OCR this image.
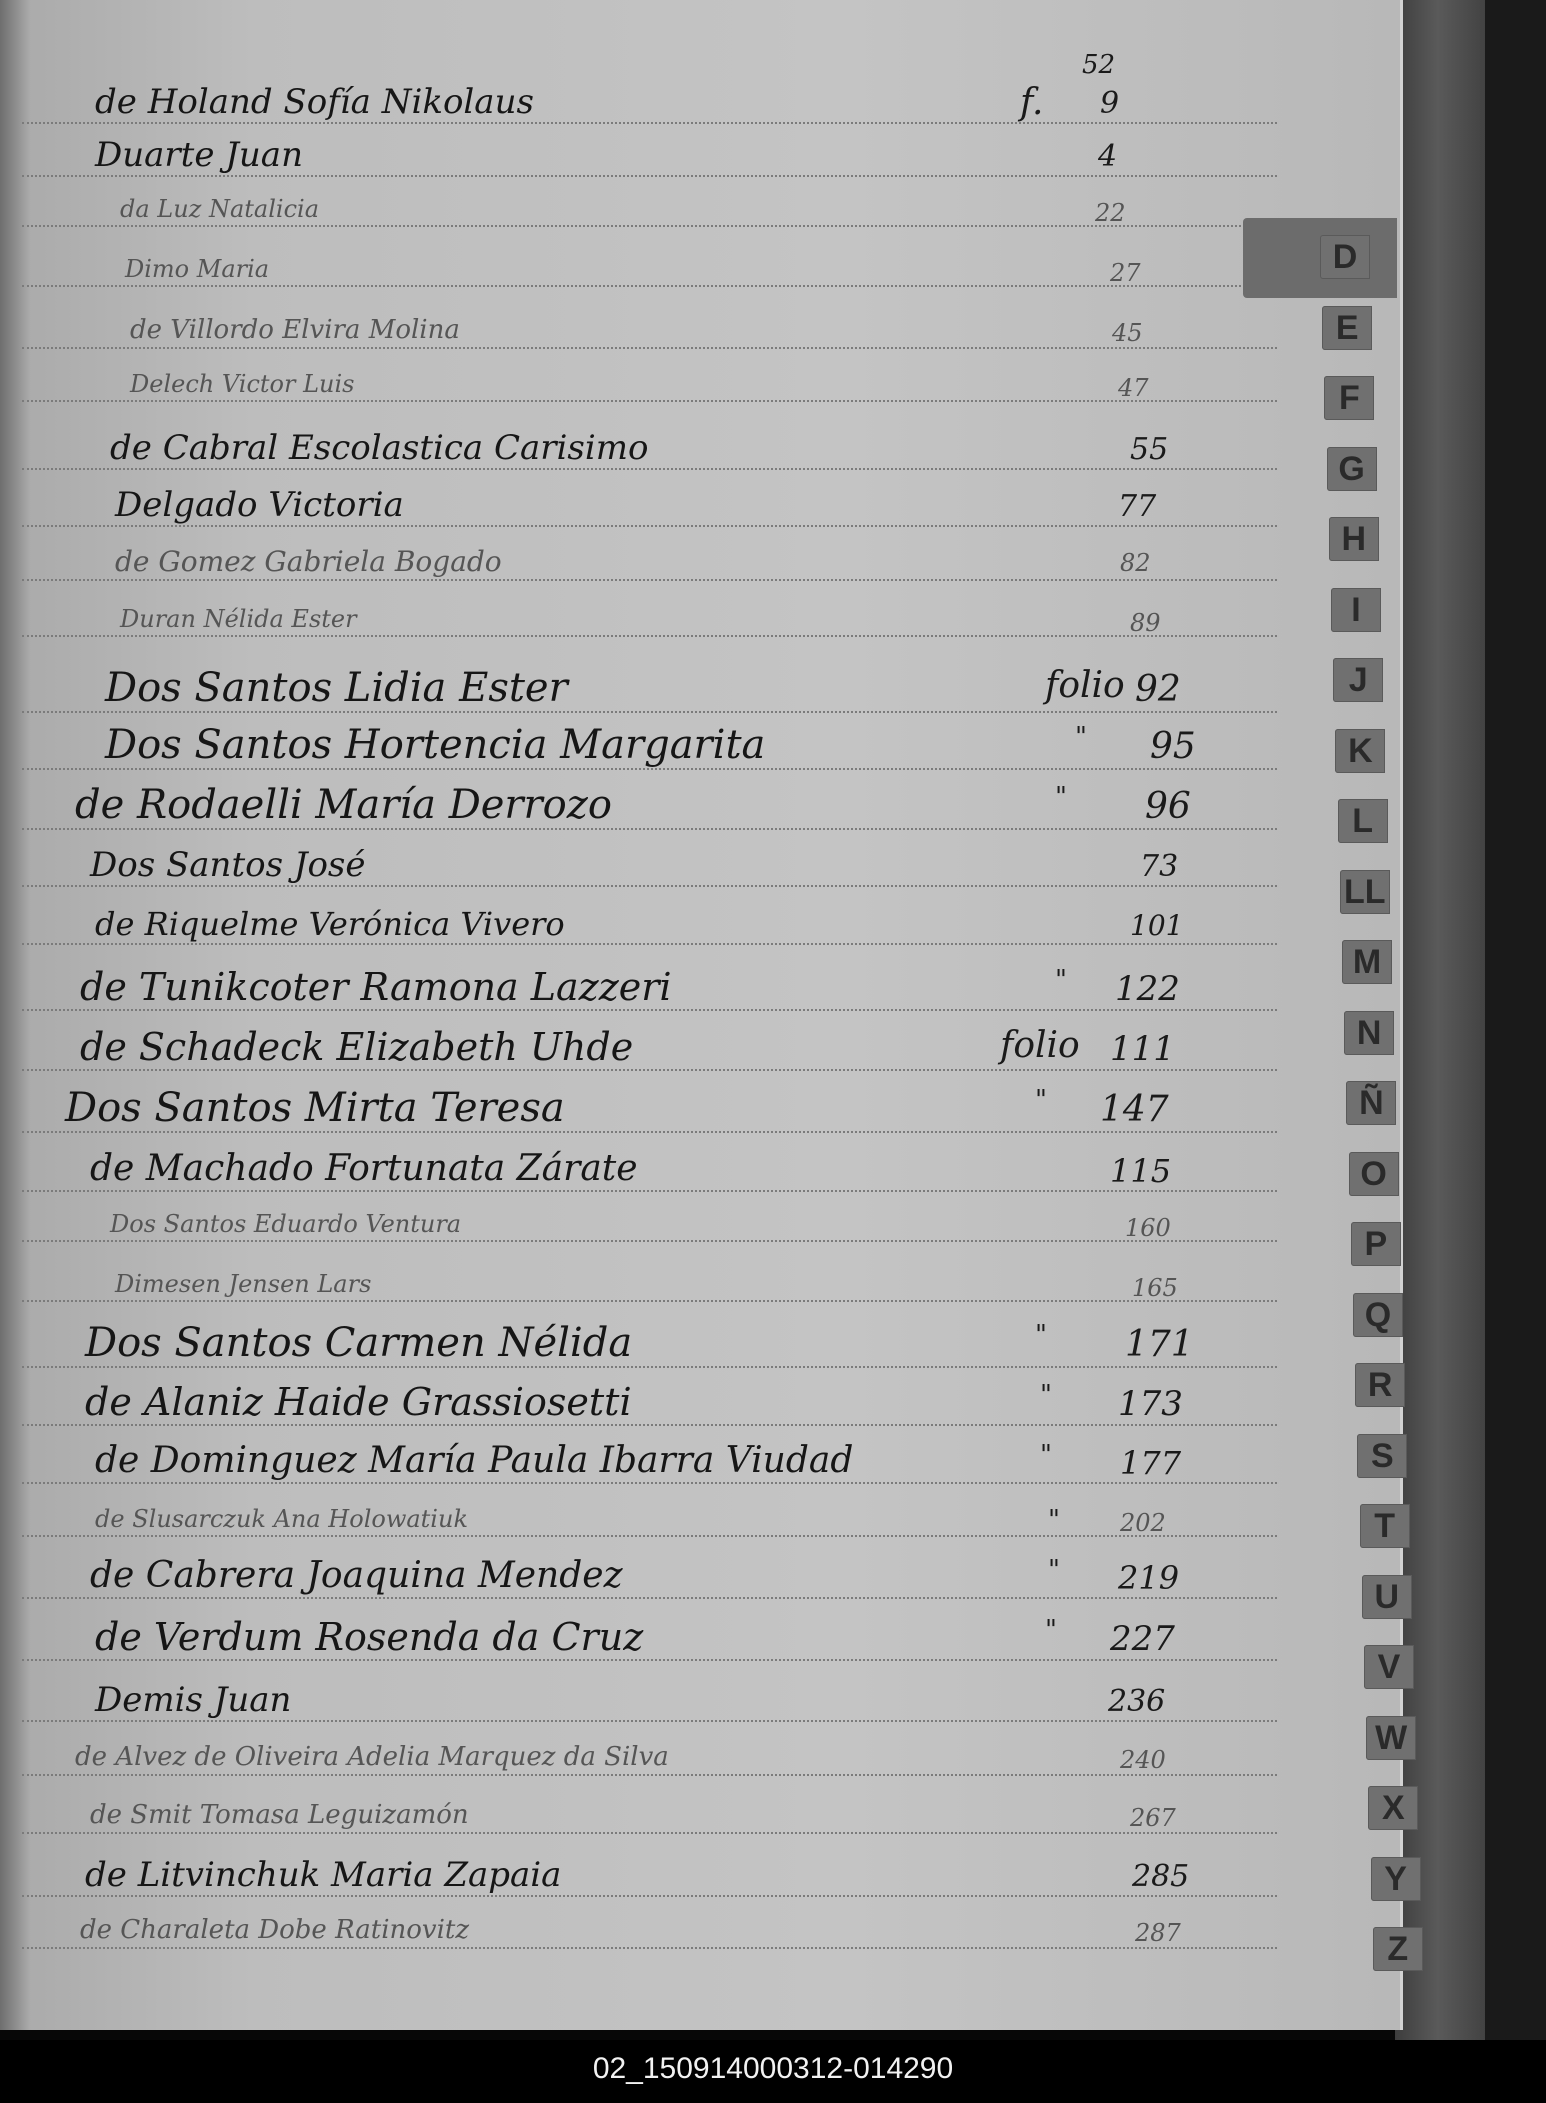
52
de Holand Sofía Nikolaus	f. 9
Duarte Juan	4
da Luz Natalicia	22
Dimo Maria	27
de Villordo Elvira Molina	45
Delech Victor Luis	47
de Cabral Escolastica Carisimo	55
Delgado Victoria	77
de Gomez Gabriela Bogado	82
Duran Nélida Ester	89
Dos Santos Lidia Ester	folio 92
Dos Santos Hortencia Margarita	" 95
de Rodaelli María Derrozo	" 96
Dos Santos José	73
de Riquelme Verónica Vivero	101
de Tunikcoter Ramona Lazzeri	" 122
de Schadeck Elizabeth Uhde	folio 111
Dos Santos Mirta Teresa	" 147
de Machado Fortunata Zárate	115
Dos Santos Eduardo Ventura	160
Dimesen Jensen Lars	165
Dos Santos Carmen Nélida	" 171
de Alaniz Haide Grassiosetti	" 173
de Dominguez María Paula Ibarra Viudad	" 177
de Slusarczuk Ana Holowatiuk	"	202
de Cabrera Joaquina Mendez	" 219
de Verdum Rosenda da Cruz	" 227
Demis Juan	236
de Alvez de Oliveira Adelia Marquez da Silva	240
de Smit Tomasa Leguizamón	267
de Litvinchuk Maria Zapaia	285
de Charaleta Dobe Ratinovitz	287
D
E
F
G
H
I
J
K
L
LL
M
N
Ñ
O
P
Q
R
S
T
U
V
W
X
Y
Z
02_150914000312-014290
